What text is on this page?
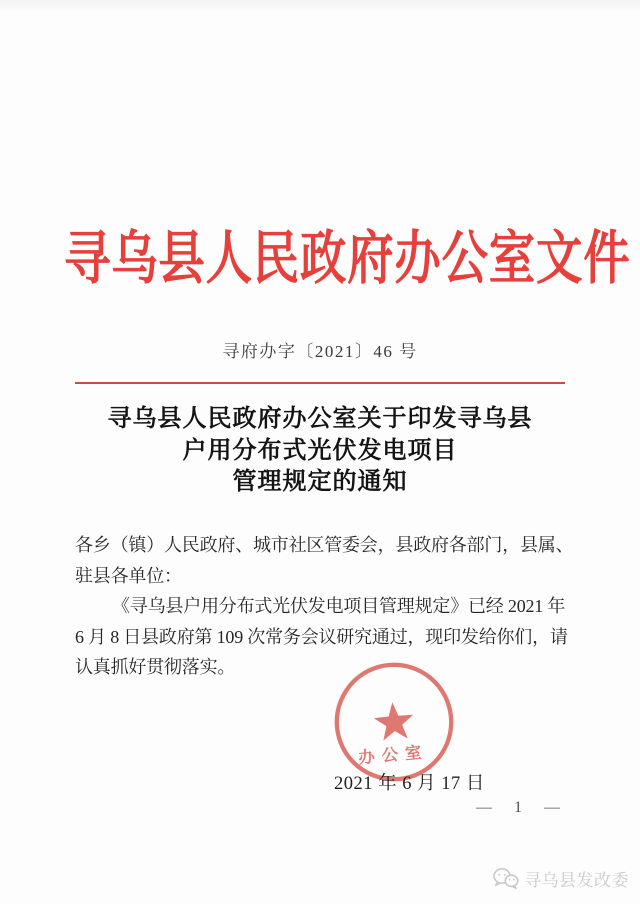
寻乌县人民政府办公室文件
寻府办字〔2021〕46 号
寻乌县人民政府办公室关于印发寻乌县
户用分布式光伏发电项目
管理规定的通知
各乡（镇）人民政府、城市社区管委会，县政府各部门，县属、
驻县各单位：
《寻乌县户用分布式光伏发电项目管理规定》已经 2021 年
6 月 8 日县政府第 109 次常务会议研究通过，现印发给你们，请
认真抓好贯彻落实。
办公室
2021 年 6 月 17 日
— 1 —
寻乌县发改委
